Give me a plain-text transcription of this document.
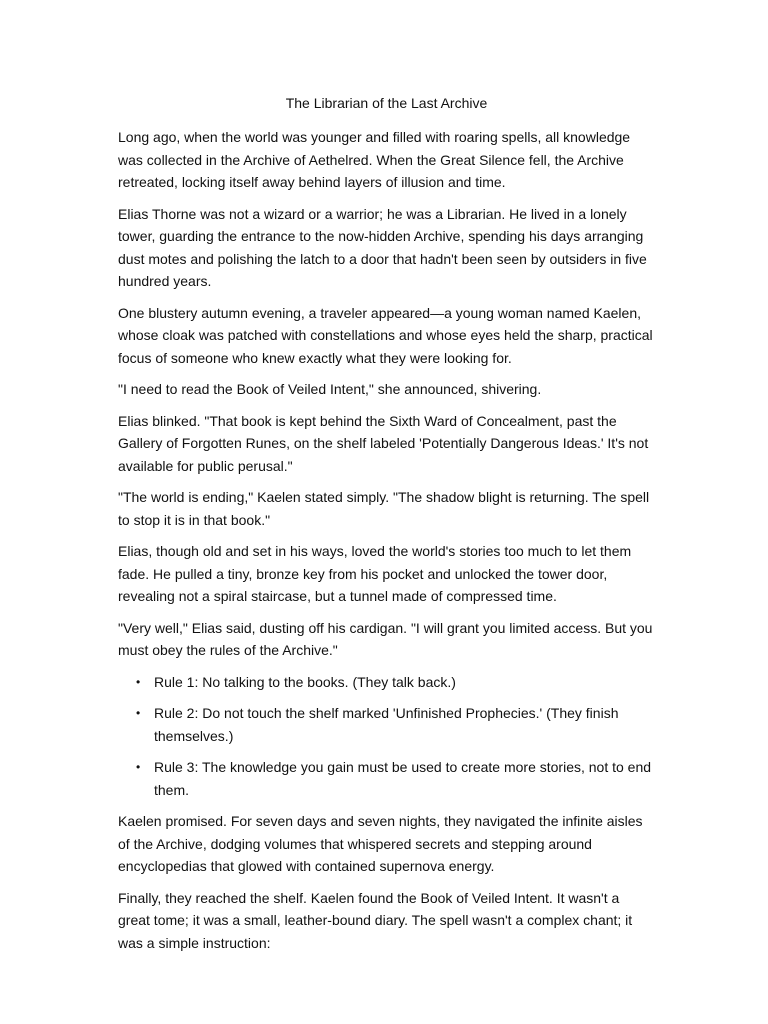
The Librarian of the Last Archive

Long ago, when the world was younger and filled with roaring spells, all knowledge was collected in the Archive of Aethelred. When the Great Silence fell, the Archive retreated, locking itself away behind layers of illusion and time.

Elias Thorne was not a wizard or a warrior; he was a Librarian. He lived in a lonely tower, guarding the entrance to the now-hidden Archive, spending his days arranging dust motes and polishing the latch to a door that hadn't been seen by outsiders in five hundred years.

One blustery autumn evening, a traveler appeared—a young woman named Kaelen, whose cloak was patched with constellations and whose eyes held the sharp, practical focus of someone who knew exactly what they were looking for.

"I need to read the Book of Veiled Intent," she announced, shivering.

Elias blinked. "That book is kept behind the Sixth Ward of Concealment, past the Gallery of Forgotten Runes, on the shelf labeled 'Potentially Dangerous Ideas.' It's not available for public perusal."

"The world is ending," Kaelen stated simply. "The shadow blight is returning. The spell to stop it is in that book."

Elias, though old and set in his ways, loved the world's stories too much to let them fade. He pulled a tiny, bronze key from his pocket and unlocked the tower door, revealing not a spiral staircase, but a tunnel made of compressed time.

"Very well," Elias said, dusting off his cardigan. "I will grant you limited access. But you must obey the rules of the Archive."

• Rule 1: No talking to the books. (They talk back.)
• Rule 2: Do not touch the shelf marked 'Unfinished Prophecies.' (They finish themselves.)
• Rule 3: The knowledge you gain must be used to create more stories, not to end them.

Kaelen promised. For seven days and seven nights, they navigated the infinite aisles of the Archive, dodging volumes that whispered secrets and stepping around encyclopedias that glowed with contained supernova energy.

Finally, they reached the shelf. Kaelen found the Book of Veiled Intent. It wasn't a great tome; it was a small, leather-bound diary. The spell wasn't a complex chant; it was a simple instruction:
